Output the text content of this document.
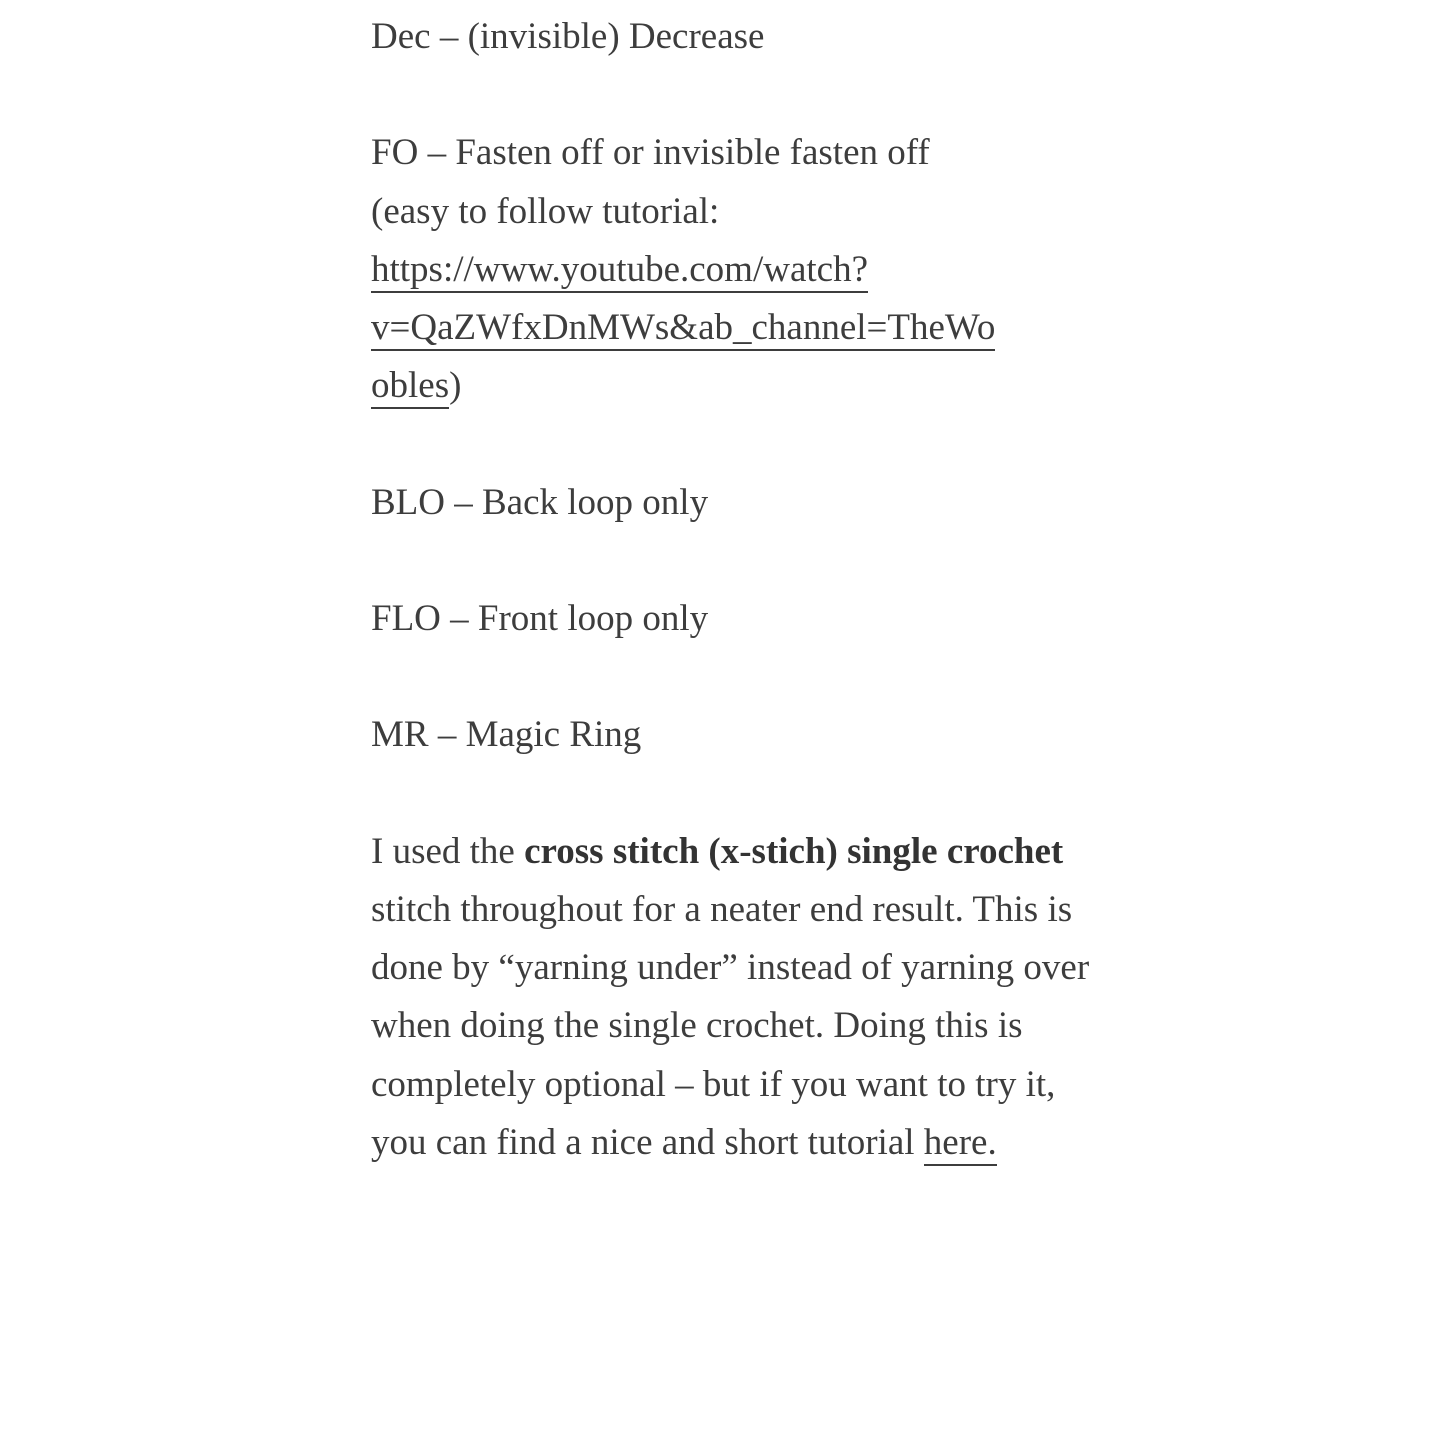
Dec – (invisible) Decrease

FO – Fasten off or invisible fasten off
(easy to follow tutorial:
https://www.youtube.com/watch?
v=QaZWfxDnMWs&ab_channel=TheWo
obles)

BLO – Back loop only

FLO – Front loop only

MR – Magic Ring

I used the cross stitch (x-stich) single crochet stitch throughout for a neater end result. This is done by “yarning under” instead of yarning over when doing the single crochet. Doing this is completely optional – but if you want to try it, you can find a nice and short tutorial here.
